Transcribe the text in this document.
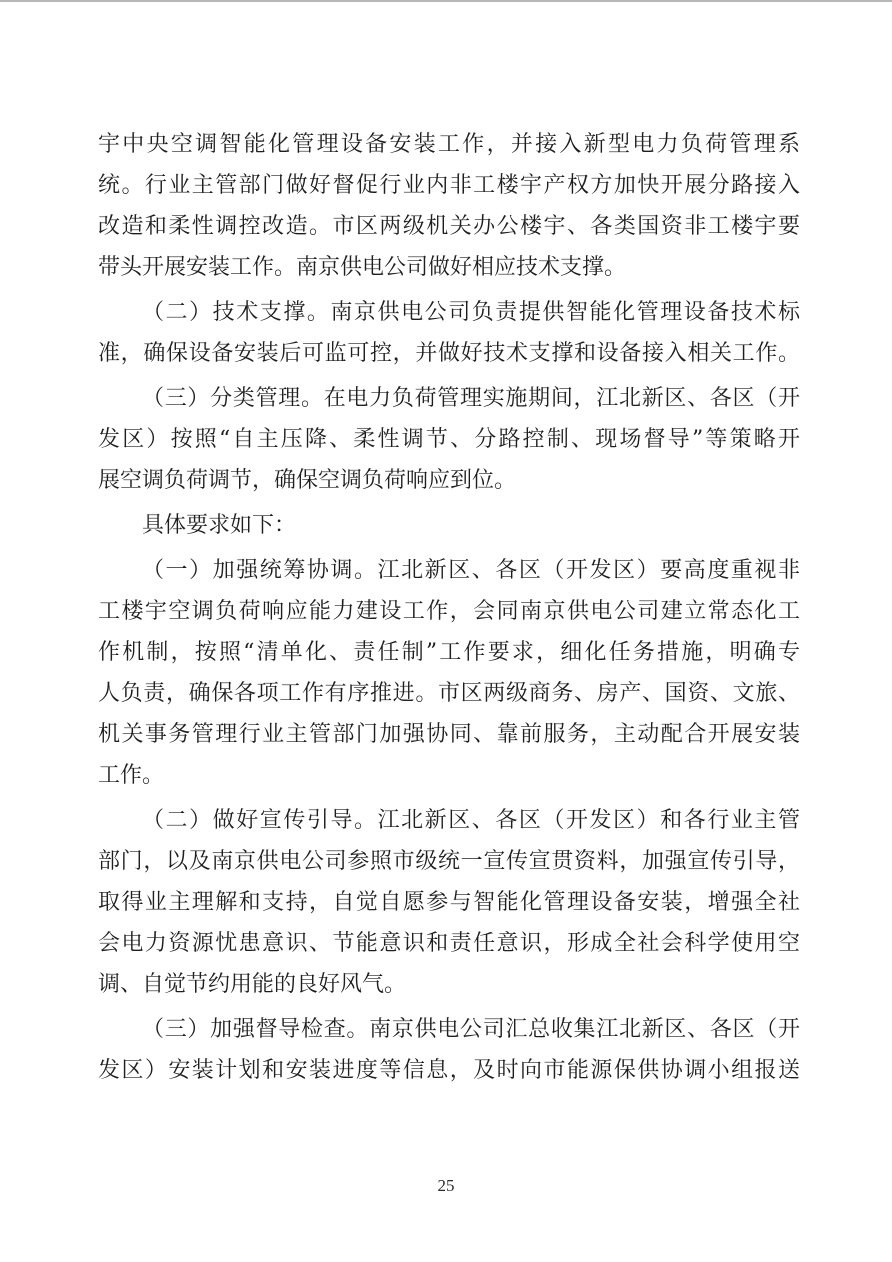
宇中央空调智能化管理设备安装工作，并接入新型电力负荷管理系
统。行业主管部门做好督促行业内非工楼宇产权方加快开展分路接入
改造和柔性调控改造。市区两级机关办公楼宇、各类国资非工楼宇要
带头开展安装工作。南京供电公司做好相应技术支撑。
（二）技术支撑。南京供电公司负责提供智能化管理设备技术标
准，确保设备安装后可监可控，并做好技术支撑和设备接入相关工作。
（三）分类管理。在电力负荷管理实施期间，江北新区、各区（开
发区）按照“自主压降、柔性调节、分路控制、现场督导”等策略开
展空调负荷调节，确保空调负荷响应到位。
具体要求如下：
（一）加强统筹协调。江北新区、各区（开发区）要高度重视非
工楼宇空调负荷响应能力建设工作，会同南京供电公司建立常态化工
作机制，按照“清单化、责任制”工作要求，细化任务措施，明确专
人负责，确保各项工作有序推进。市区两级商务、房产、国资、文旅、
机关事务管理行业主管部门加强协同、靠前服务，主动配合开展安装
工作。
（二）做好宣传引导。江北新区、各区（开发区）和各行业主管
部门，以及南京供电公司参照市级统一宣传宣贯资料，加强宣传引导，
取得业主理解和支持，自觉自愿参与智能化管理设备安装，增强全社
会电力资源忧患意识、节能意识和责任意识，形成全社会科学使用空
调、自觉节约用能的良好风气。
（三）加强督导检查。南京供电公司汇总收集江北新区、各区（开
发区）安装计划和安装进度等信息，及时向市能源保供协调小组报送
25
